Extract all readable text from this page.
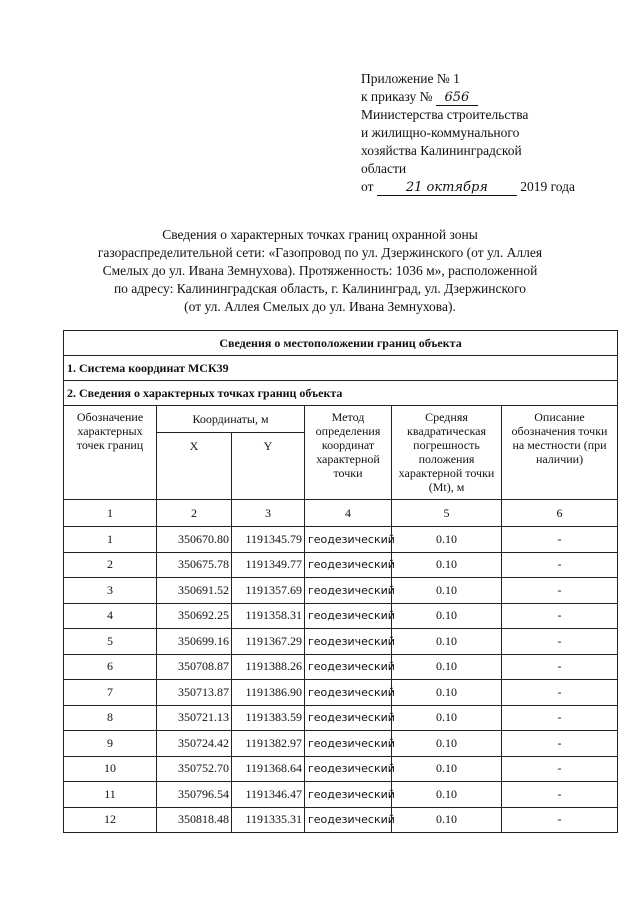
Приложение № 1
к приказу № 656
Министерства строительства
и жилищно-коммунального
хозяйства Калининградской
области
от 21 октября 2019 года
Сведения о характерных точках границ охранной зоны
газораспределительной сети: «Газопровод по ул. Дзержинского (от ул. Аллея
Смелых до ул. Ивана Земнухова). Протяженность: 1036 м», расположенной
по адресу: Калининградская область, г. Калининград, ул. Дзержинского
(от ул. Аллея Смелых до ул. Ивана Земнухова).
Сведения о местоположении границ объекта					
1. Система координат МСК39					
2. Сведения о характерных точках границ объекта					
Обозначение характерных точек границ	Координаты, м		Метод определения координат характерной точки	Средняя квадратическая погрешность положения характерной точки (Mt), м	Описание обозначения точки на местности (при наличии)
	X	Y			
1	2	3	4	5	6
1	350670.80	1191345.79	геодезический	0.10	-
2	350675.78	1191349.77	геодезический	0.10	-
3	350691.52	1191357.69	геодезический	0.10	-
4	350692.25	1191358.31	геодезический	0.10	-
5	350699.16	1191367.29	геодезический	0.10	-
6	350708.87	1191388.26	геодезический	0.10	-
7	350713.87	1191386.90	геодезический	0.10	-
8	350721.13	1191383.59	геодезический	0.10	-
9	350724.42	1191382.97	геодезический	0.10	-
10	350752.70	1191368.64	геодезический	0.10	-
11	350796.54	1191346.47	геодезический	0.10	-
12	350818.48	1191335.31	геодезический	0.10	-
